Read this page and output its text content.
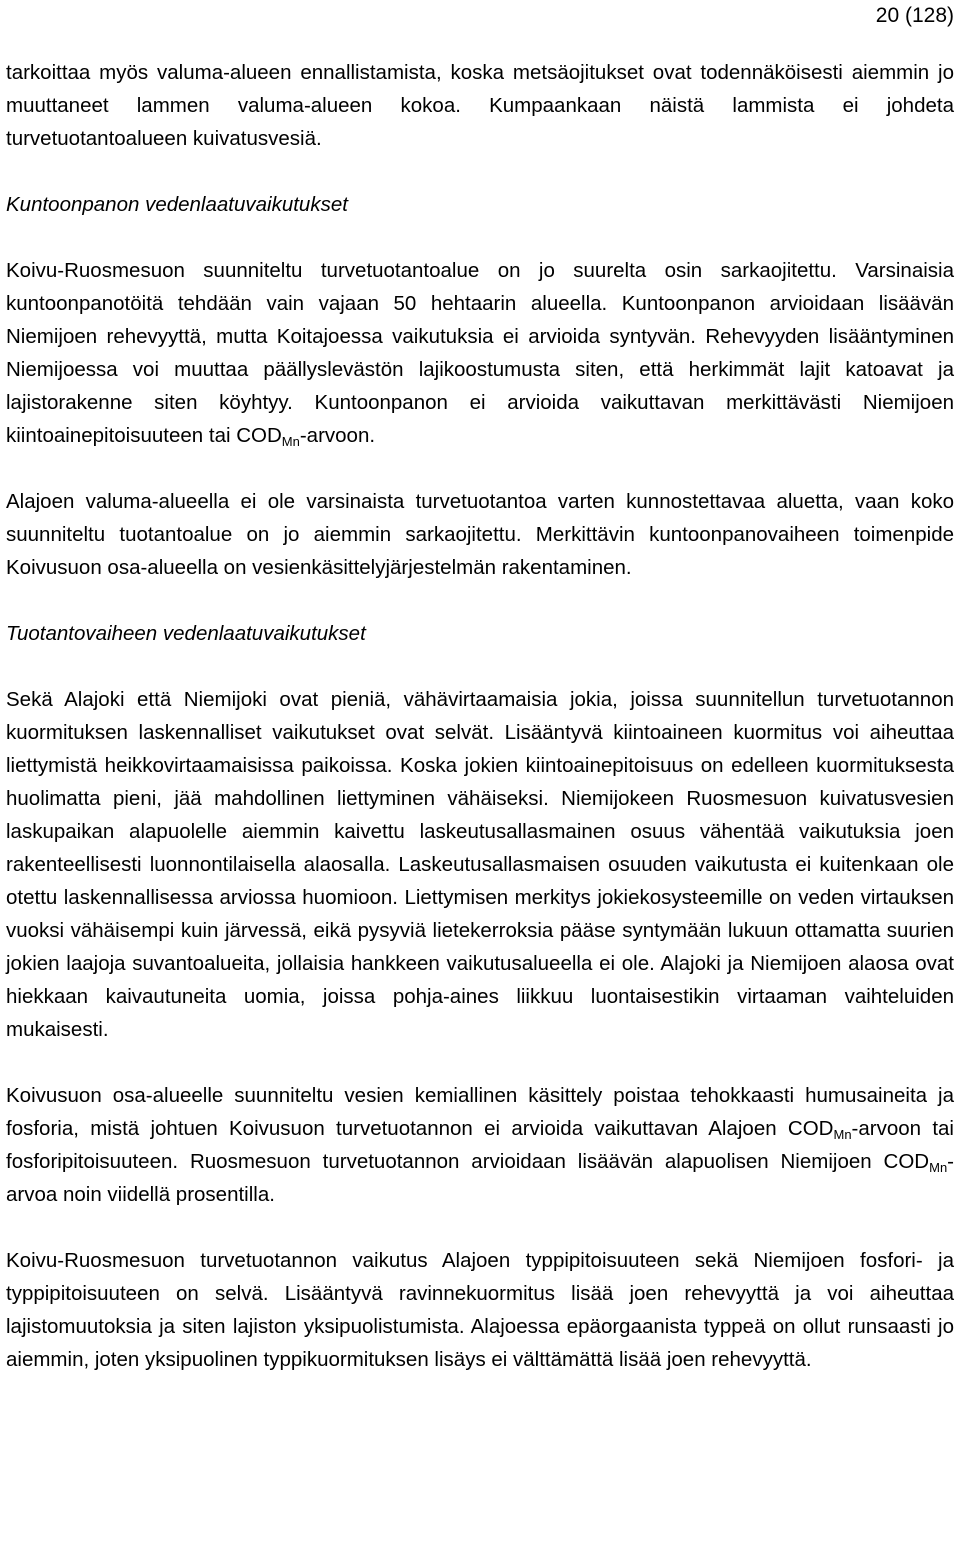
20 (128)

tarkoittaa myös valuma-alueen ennallistamista, koska metsäojitukset ovat todennäköisesti aiemmin jo muuttaneet lammen valuma-alueen kokoa. Kumpaankaan näistä lammista ei johdeta turvetuotantoalueen kuivatusvesiä.

Kuntoonpanon vedenlaatuvaikutukset

Koivu-Ruosmesuon suunniteltu turvetuotantoalue on jo suurelta osin sarkaojitettu. Varsinaisia kuntoonpanotöitä tehdään vain vajaan 50 hehtaarin alueella. Kuntoonpanon arvioidaan lisäävän Niemijoen rehevyyttä, mutta Koitajoessa vaikutuksia ei arvioida syntyvän. Rehevyyden lisääntyminen Niemijoessa voi muuttaa päällyslevästön lajikoostumusta siten, että herkimmät lajit katoavat ja lajistorakenne siten köyhtyy. Kuntoonpanon ei arvioida vaikuttavan merkittävästi Niemijoen kiintoainepitoisuuteen tai $COD_{Mn}$-arvoon.

Alajoen valuma-alueella ei ole varsinaista turvetuotantoa varten kunnostettavaa aluetta, vaan koko suunniteltu tuotantoalue on jo aiemmin sarkaojitettu. Merkittävin kuntoonpanovaiheen toimenpide Koivusuon osa-alueella on vesienkäsittelyjärjestelmän rakentaminen.

Tuotantovaiheen vedenlaatuvaikutukset

Sekä Alajoki että Niemijoki ovat pieniä, vähävirtaamaisia jokia, joissa suunnitellun turvetuotannon kuormituksen laskennalliset vaikutukset ovat selvät. Lisääntyvä kiintoaineen kuormitus voi aiheuttaa liettymistä heikkovirtaamaisissa paikoissa. Koska jokien kiintoainepitoisuus on edelleen kuormituksesta huolimatta pieni, jää mahdollinen liettyminen vähäiseksi. Niemijokeen Ruosmesuon kuivatusvesien laskupaikan alapuolelle aiemmin kaivettu laskeutusallasmainen osuus vähentää vaikutuksia joen rakenteellisesti luonnontilaisella alaosalla. Laskeutusallasmaisen osuuden vaikutusta ei kuitenkaan ole otettu laskennallisessa arviossa huomioon. Liettymisen merkitys jokiekosysteemille on veden virtauksen vuoksi vähäisempi kuin järvessä, eikä pysyviä lietekerroksia pääse syntymään lukuun ottamatta suurien jokien laajoja suvantoalueita, jollaisia hankkeen vaikutusalueella ei ole. Alajoki ja Niemijoen alaosa ovat hiekkaan kaivautuneita uomia, joissa pohja-aines liikkuu luontaisestikin virtaaman vaihteluiden mukaisesti.

Koivusuon osa-alueelle suunniteltu vesien kemiallinen käsittely poistaa tehokkaasti humusaineita ja fosforia, mistä johtuen Koivusuon turvetuotannon ei arvioida vaikuttavan Alajoen $COD_{Mn}$-arvoon tai fosforipitoisuuteen. Ruosmesuon turvetuotannon arvioidaan lisäävän alapuolisen Niemijoen $COD_{Mn}$-arvoa noin viidellä prosentilla.

Koivu-Ruosmesuon turvetuotannon vaikutus Alajoen typpipitoisuuteen sekä Niemijoen fosfori- ja typpipitoisuuteen on selvä. Lisääntyvä ravinnekuormitus lisää joen rehevyyttä ja voi aiheuttaa lajistomuutoksia ja siten lajiston yksipuolistumista. Alajoessa epäorgaanista typpeä on ollut runsaasti jo aiemmin, joten yksipuolinen typpikuormituksen lisäys ei välttämättä lisää joen rehevyyttä.
